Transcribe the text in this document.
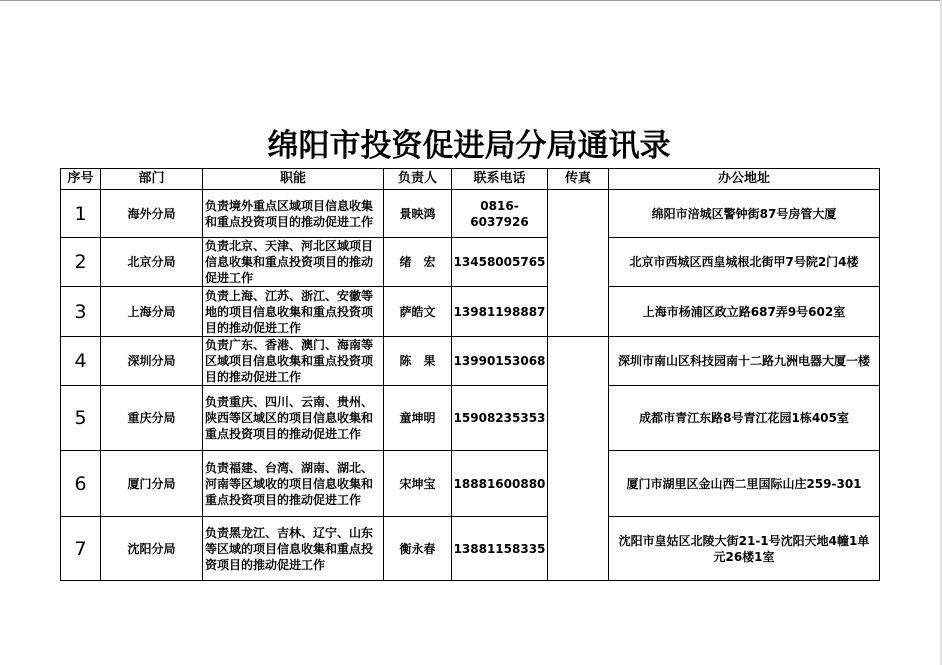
绵阳市投资促进局分局通讯录
序号	部门	职能	负责人	联系电话	传真	办公地址
1	海外分局	负责境外重点区域项目信息收集和重点投资项目的推动促进工作	景映鸿	0816-6037926		绵阳市涪城区警钟街87号房管大厦
2	北京分局	负责北京、天津、河北区域项目信息收集和重点投资项目的推动促进工作	绪　宏	13458005765		北京市西城区西皇城根北街甲7号院2门4楼
3	上海分局	负责上海、江苏、浙江、安徽等地的项目信息收集和重点投资项目的推动促进工作	萨皓文	13981198887		上海市杨浦区政立路687弄9号602室
4	深圳分局	负责广东、香港、澳门、海南等区域项目信息收集和重点投资项目的推动促进工作	陈　果	13990153068		深圳市南山区科技园南十二路九洲电器大厦一楼
5	重庆分局	负责重庆、四川、云南、贵州、陕西等区域区的项目信息收集和重点投资项目的推动促进工作	童坤明	15908235353		成都市青江东路8号青江花园1栋405室
6	厦门分局	负责福建、台湾、湖南、湖北、河南等区域收的项目信息收集和重点投资项目的推动促进工作	宋坤宝	18881600880		厦门市湖里区金山西二里国际山庄259-301
7	沈阳分局	负责黑龙江、吉林、辽宁、山东等区域的项目信息收集和重点投资项目的推动促进工作	衡永春	13881158335		沈阳市皇姑区北陵大街21-1号沈阳天地4幢1单元26楼1室
